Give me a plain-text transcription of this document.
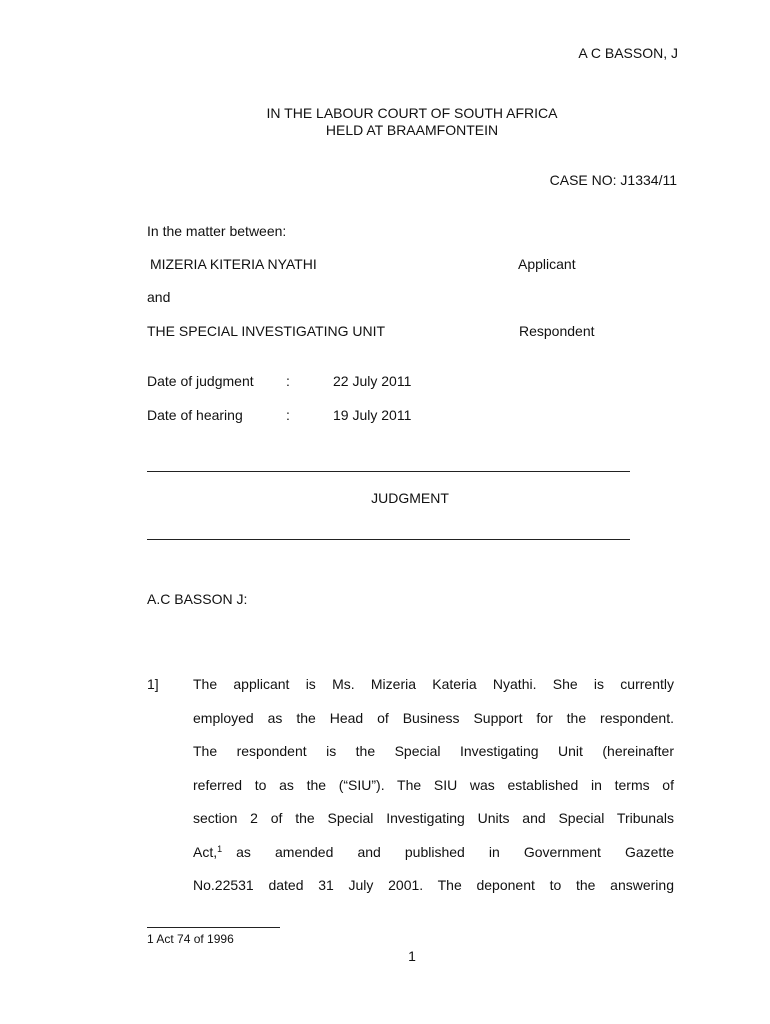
A C BASSON, J
IN THE LABOUR COURT OF SOUTH AFRICA
HELD AT BRAAMFONTEIN
CASE NO: J1334/11
In the matter between:
MIZERIA KITERIA NYATHI	Applicant
and
THE SPECIAL INVESTIGATING UNIT	Respondent
Date of judgment :	22 July 2011
Date of hearing	:	19 July 2011
JUDGMENT
A.C BASSON J:
1] The applicant is Ms. Mizeria Kateria Nyathi. She is currently
employed as the Head of Business Support for the respondent.
The respondent is the Special Investigating Unit (hereinafter
referred to as the (“SIU”). The SIU was established in terms of
section 2 of the Special Investigating Units and Special Tribunals
Act,$^1$ as amended and published in Government Gazette
No.22531 dated 31 July 2001. The deponent to the answering
1 Act 74 of 1996
1
